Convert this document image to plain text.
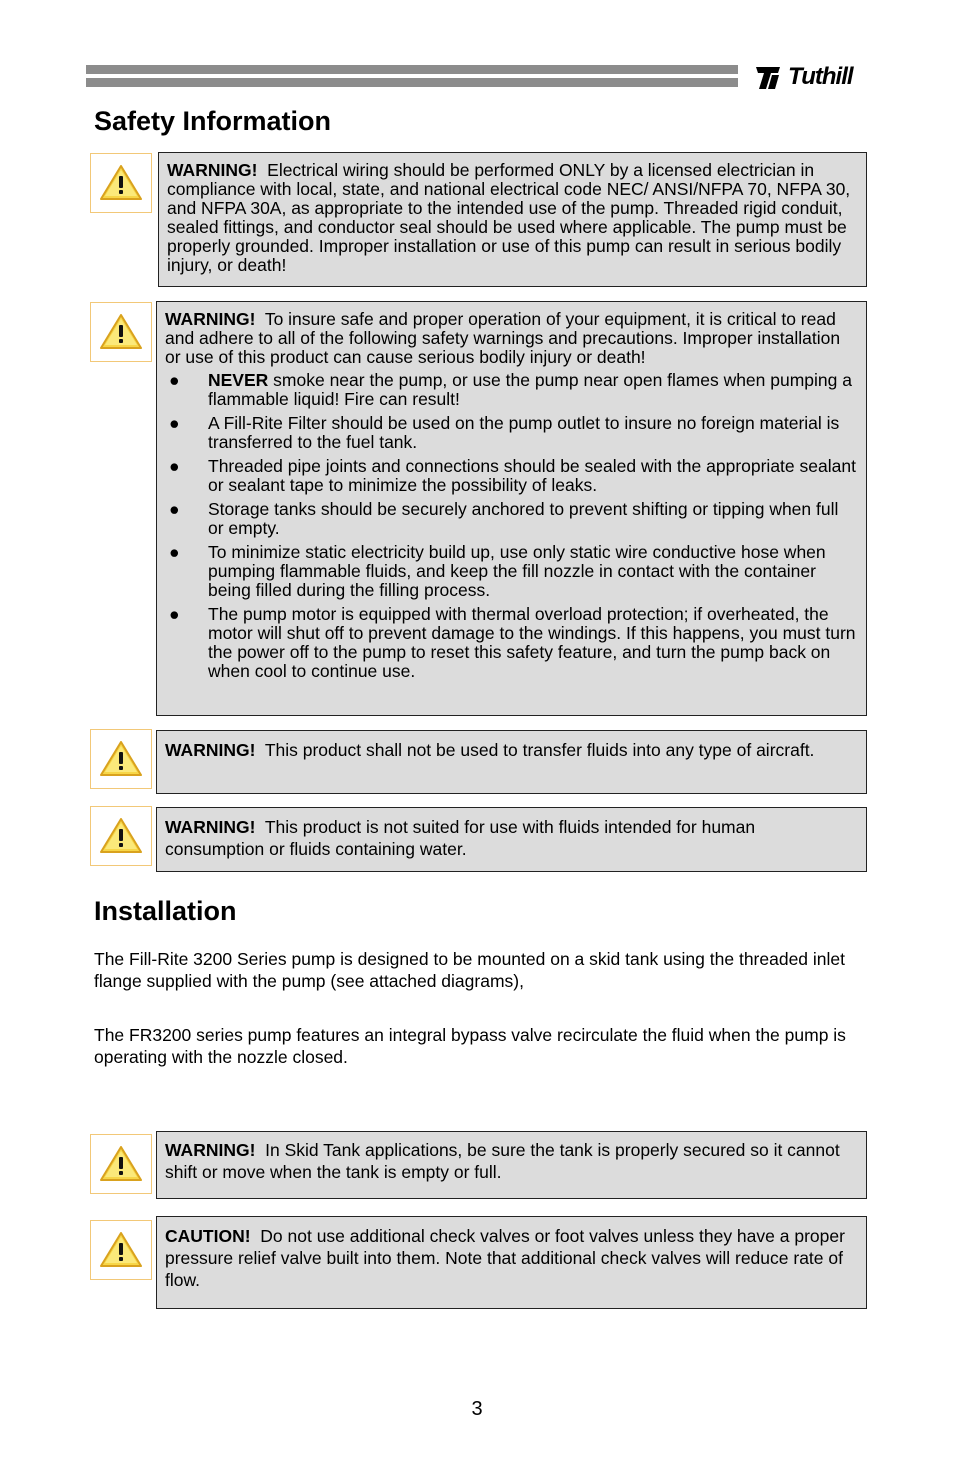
Tuthill
Safety Information

WARNING! Electrical wiring should be performed ONLY by a licensed electrician in compliance with local, state, and national electrical code NEC/ ANSI/NFPA 70, NFPA 30, and NFPA 30A, as appropriate to the intended use of the pump. Threaded rigid conduit, sealed fittings, and conductor seal should be used where applicable. The pump must be properly grounded. Improper installation or use of this pump can result in serious bodily injury, or death!

WARNING! To insure safe and proper operation of your equipment, it is critical to read and adhere to all of the following safety warnings and precautions. Improper installation or use of this product can cause serious bodily injury or death!

● NEVER smoke near the pump, or use the pump near open flames when pumping a flammable liquid! Fire can result!
● A Fill-Rite Filter should be used on the pump outlet to insure no foreign material is transferred to the fuel tank.
● Threaded pipe joints and connections should be sealed with the appropriate sealant or sealant tape to minimize the possibility of leaks.
● Storage tanks should be securely anchored to prevent shifting or tipping when full or empty.
● To minimize static electricity build up, use only static wire conductive hose when pumping flammable fluids, and keep the fill nozzle in contact with the container being filled during the filling process.
● The pump motor is equipped with thermal overload protection; if overheated, the motor will shut off to prevent damage to the windings. If this happens, you must turn the power off to the pump to reset this safety feature, and turn the pump back on when cool to continue use.

WARNING! This product shall not be used to transfer fluids into any type of aircraft.

WARNING! This product is not suited for use with fluids intended for human consumption or fluids containing water.

Installation

The Fill-Rite 3200 Series pump is designed to be mounted on a skid tank using the threaded inlet flange supplied with the pump (see attached diagrams),

The FR3200 series pump features an integral bypass valve recirculate the fluid when the pump is operating with the nozzle closed.

WARNING! In Skid Tank applications, be sure the tank is properly secured so it cannot shift or move when the tank is empty or full.

CAUTION! Do not use additional check valves or foot valves unless they have a proper pressure relief valve built into them. Note that additional check valves will reduce rate of flow.

3
